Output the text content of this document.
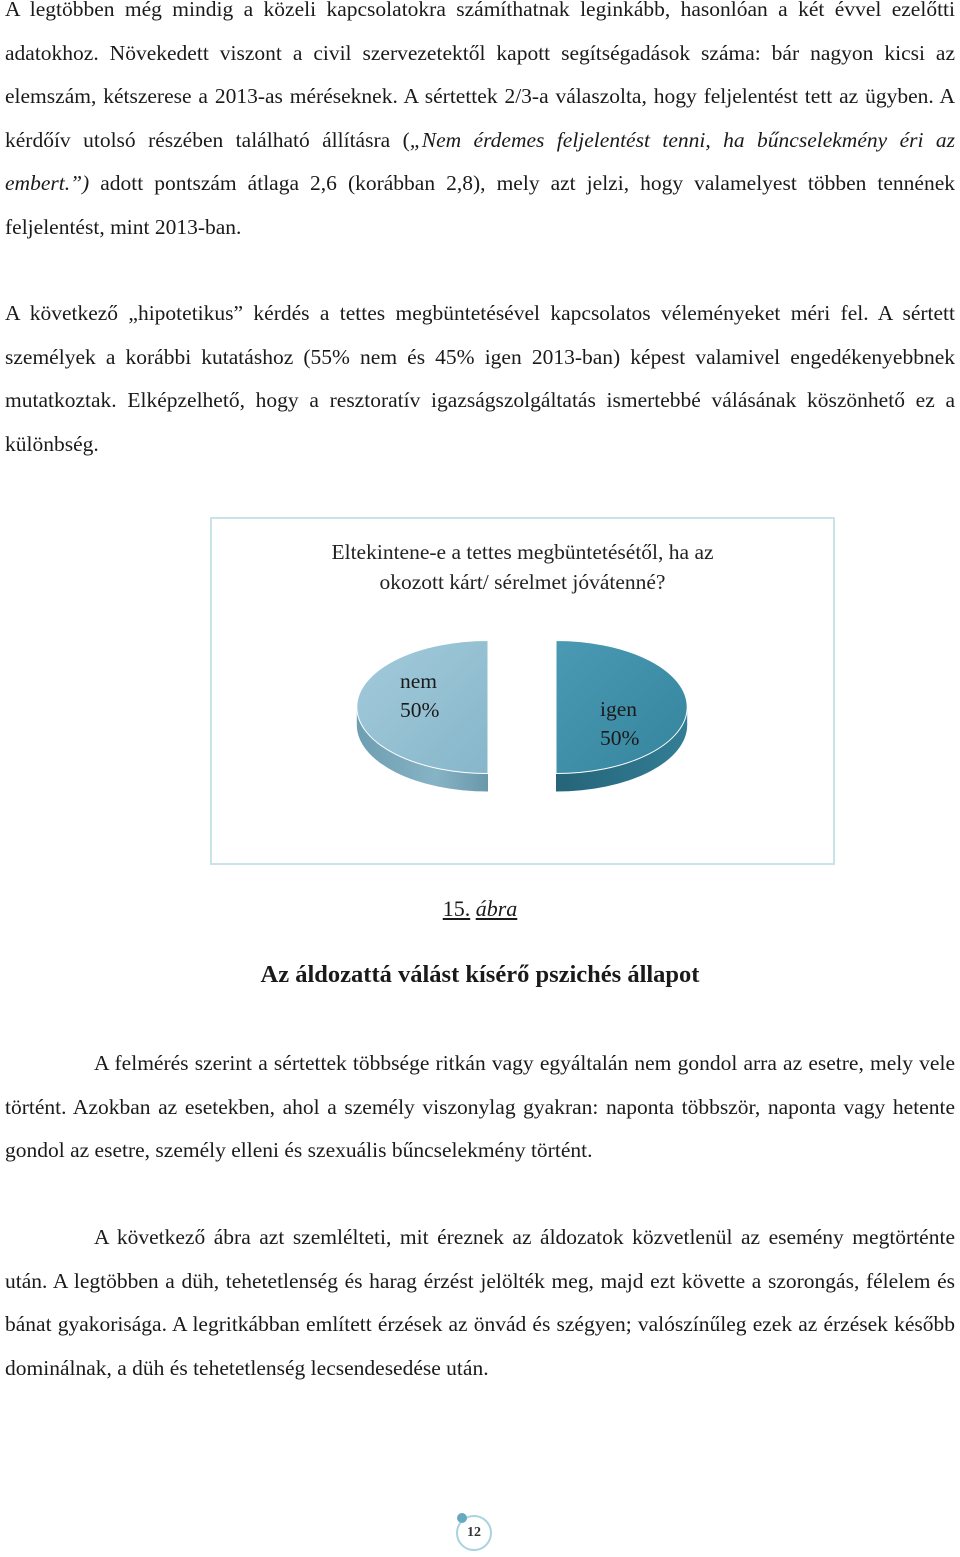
A legtöbben még mindig a közeli kapcsolatokra számíthatnak leginkább, hasonlóan a két évvel ezelőtti adatokhoz. Növekedett viszont a civil szervezetektől kapott segítségadások száma: bár nagyon kicsi az elemszám, kétszerese a 2013-as méréseknek. A sértettek 2/3-a válaszolta, hogy feljelentést tett az ügyben. A kérdőív utolsó részében található állításra („Nem érdemes feljelentést tenni, ha bűncselekmény éri az embert.”) adott pontszám átlaga 2,6 (korábban 2,8), mely azt jelzi, hogy valamelyest többen tennének feljelentést, mint 2013-ban.

A következő „hipotetikus” kérdés a tettes megbüntetésével kapcsolatos véleményeket méri fel. A sértett személyek a korábbi kutatáshoz (55% nem és 45% igen 2013-ban) képest valamivel engedékenyebbnek mutatkoztak. Elképzelhető, hogy a resztoratív igazságszolgáltatás ismertebbé válásának köszönhető ez a különbség.

Eltekintene-e a tettes megbüntetésétől, ha az
okozott kárt/ sérelmet jóvátenné?
nem
50%	igen
50%
15. ábra
Az áldozattá válást kísérő pszichés állapot

A felmérés szerint a sértettek többsége ritkán vagy egyáltalán nem gondol arra az esetre, mely vele történt. Azokban az esetekben, ahol a személy viszonylag gyakran: naponta többször, naponta vagy hetente gondol az esetre, személy elleni és szexuális bűncselekmény történt.

A következő ábra azt szemlélteti, mit éreznek az áldozatok közvetlenül az esemény megtörténte után. A legtöbben a düh, tehetetlenség és harag érzést jelölték meg, majd ezt követte a szorongás, félelem és bánat gyakorisága. A legritkábban említett érzések az önvád és szégyen; valószínűleg ezek az érzések később dominálnak, a düh és tehetetlenség lecsendesedése után.

12
